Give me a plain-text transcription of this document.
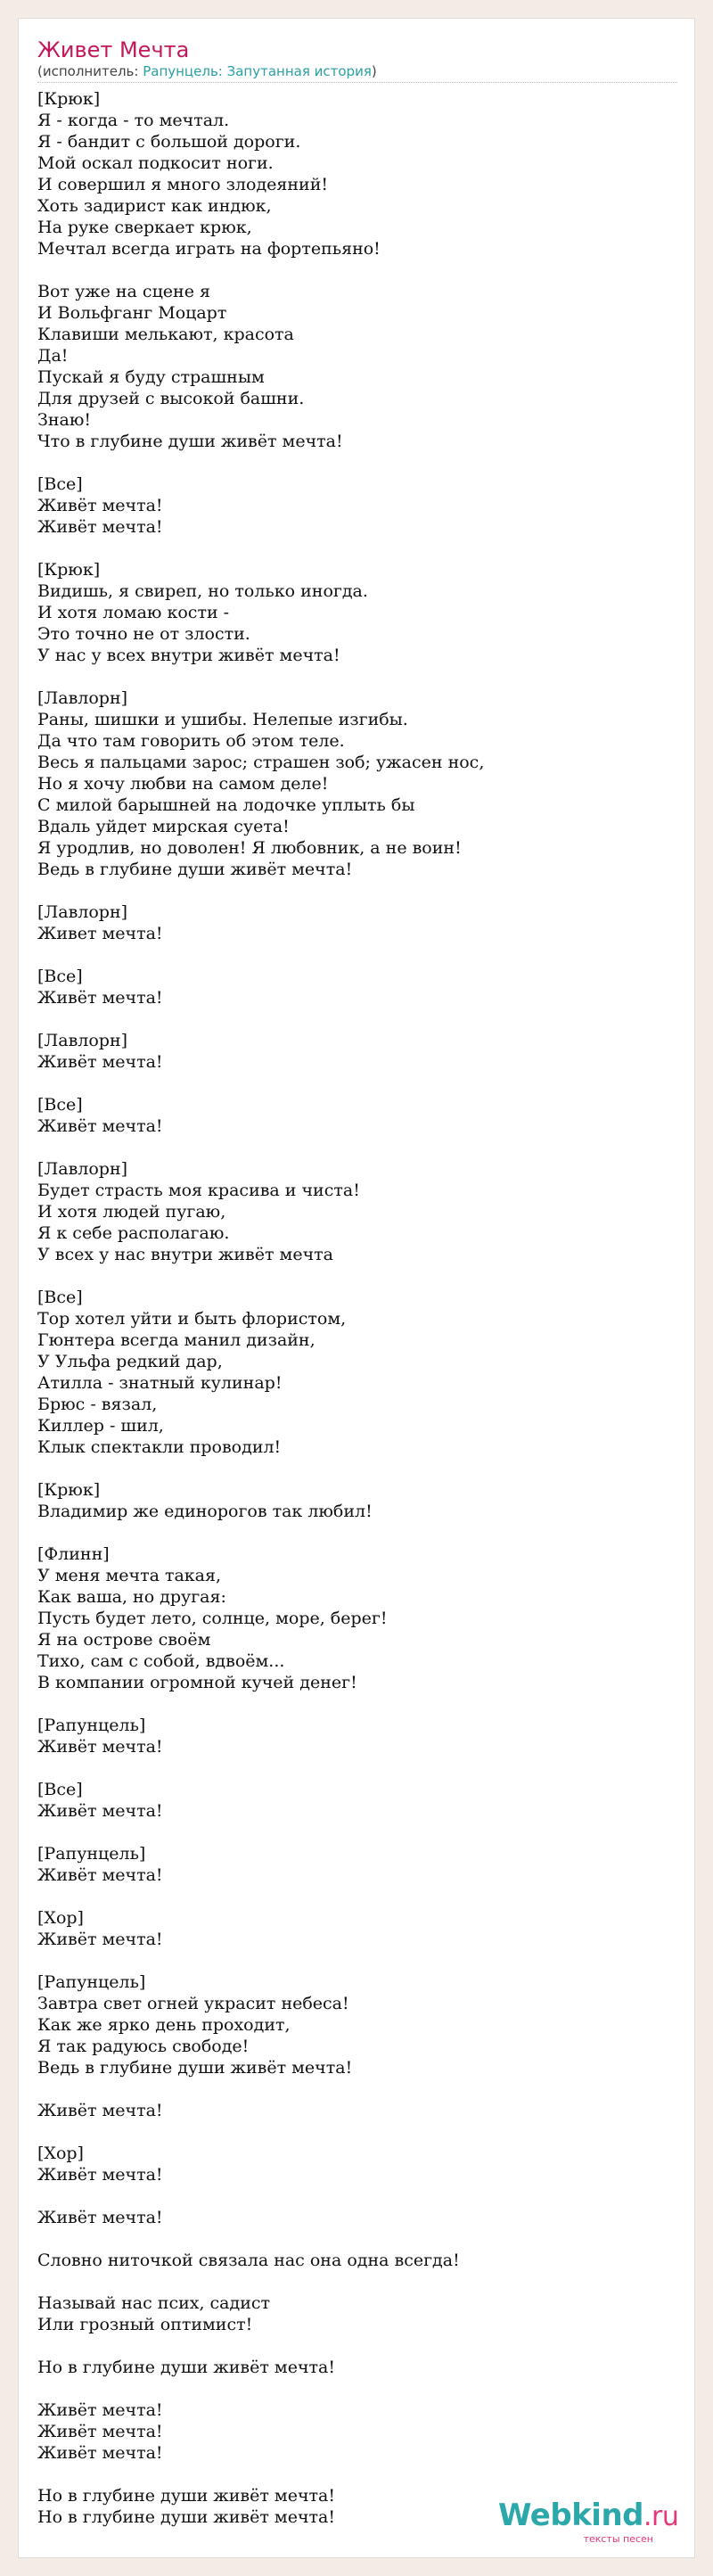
Живет Мечта
(исполнитель: Рапунцель: Запутанная история)
[Крюк]
Я - когда - то мечтал.
Я - бандит с большой дороги.
Мой оскал подкосит ноги.
И совершил я много злодеяний!
Хоть задирист как индюк,
На руке сверкает крюк,
Мечтал всегда играть на фортепьяно!
Вот уже на сцене я
И Вольфганг Моцарт
Клавиши мелькают, красота
Да!
Пускай я буду страшным
Для друзей с высокой башни.
Знаю!
Что в глубине души живёт мечта!
[Все]
Живёт мечта!
Живёт мечта!
[Крюк]
Видишь, я свиреп, но только иногда.
И хотя ломаю кости -
Это точно не от злости.
У нас у всех внутри живёт мечта!
[Лавлорн]
Раны, шишки и ушибы. Нелепые изгибы.
Да что там говорить об этом теле.
Весь я пальцами зарос; страшен зоб; ужасен нос,
Но я хочу любви на самом деле!
С милой барышней на лодочке уплыть бы
Вдаль уйдет мирская суета!
Я уродлив, но доволен! Я любовник, а не воин!
Ведь в глубине души живёт мечта!
[Лавлорн]
Живет мечта!
[Все]
Живёт мечта!
[Лавлорн]
Живёт мечта!
[Все]
Живёт мечта!
[Лавлорн]
Будет страсть моя красива и чиста!
И хотя людей пугаю,
Я к себе располагаю.
У всех у нас внутри живёт мечта
[Все]
Тор хотел уйти и быть флористом,
Гюнтера всегда манил дизайн,
У Ульфа редкий дар,
Атилла - знатный кулинар!
Брюс - вязал,
Киллер - шил,
Клык спектакли проводил!
[Крюк]
Владимир же единорогов так любил!
[Флинн]
У меня мечта такая,
Как ваша, но другая:
Пусть будет лето, солнце, море, берег!
Я на острове своём
Тихо, сам с собой, вдвоём...
В компании огромной кучей денег!
[Рапунцель]
Живёт мечта!
[Все]
Живёт мечта!
[Рапунцель]
Живёт мечта!
[Хор]
Живёт мечта!
[Рапунцель]
Завтра свет огней украсит небеса!
Как же ярко день проходит,
Я так радуюсь свободе!
Ведь в глубине души живёт мечта!
Живёт мечта!
[Хор]
Живёт мечта!
Живёт мечта!
Словно ниточкой связала нас она одна всегда!
Называй нас псих, садист
Или грозный оптимист!
Но в глубине души живёт мечта!
Живёт мечта!
Живёт мечта!
Живёт мечта!
Но в глубине души живёт мечта!
Но в глубине души живёт мечта!	Webkind.ru
тексты песен
